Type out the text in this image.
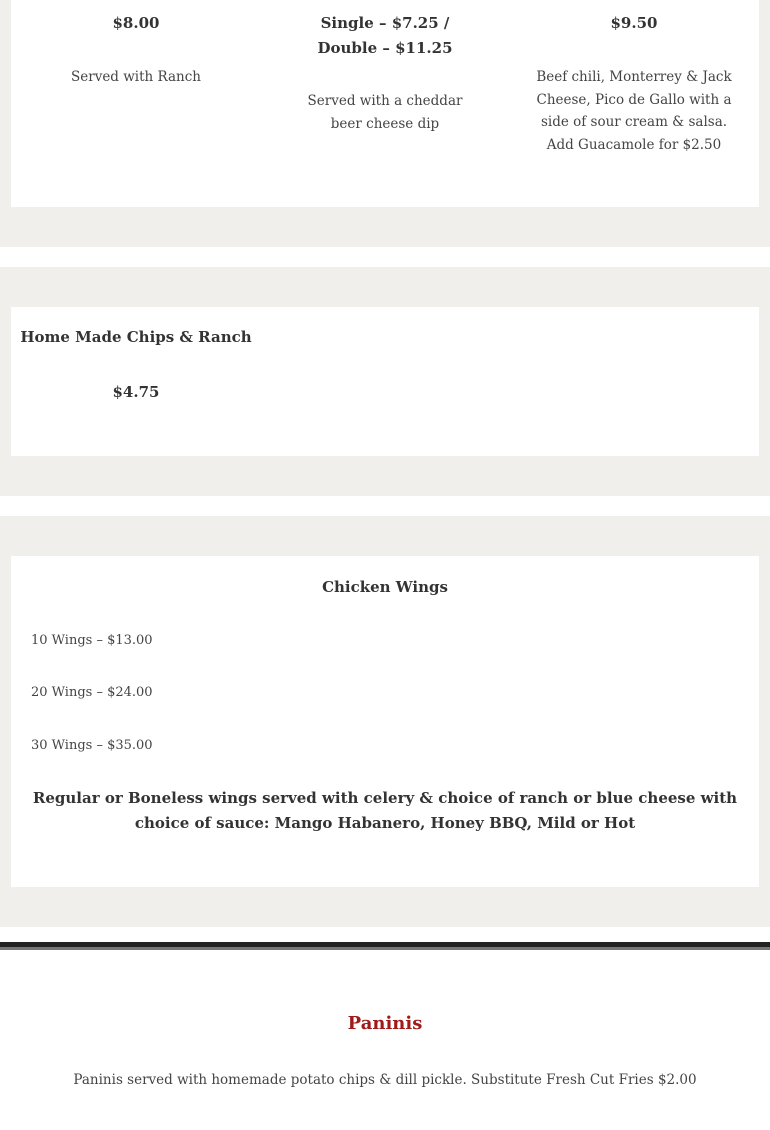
$8.00
Served with Ranch
Single – $7.25 / Double – $11.25
Served with a cheddar beer cheese dip
$9.50
Beef chili, Monterrey & Jack Cheese, Pico de Gallo with a side of sour cream & salsa. Add Guacamole for $2.50
Home Made Chips & Ranch
$4.75
Chicken Wings
10 Wings – $13.00
20 Wings – $24.00
30 Wings – $35.00
Regular or Boneless wings served with celery & choice of ranch or blue cheese with choice of sauce: Mango Habanero, Honey BBQ, Mild or Hot
Paninis
Paninis served with homemade potato chips & dill pickle. Substitute Fresh Cut Fries $2.00
